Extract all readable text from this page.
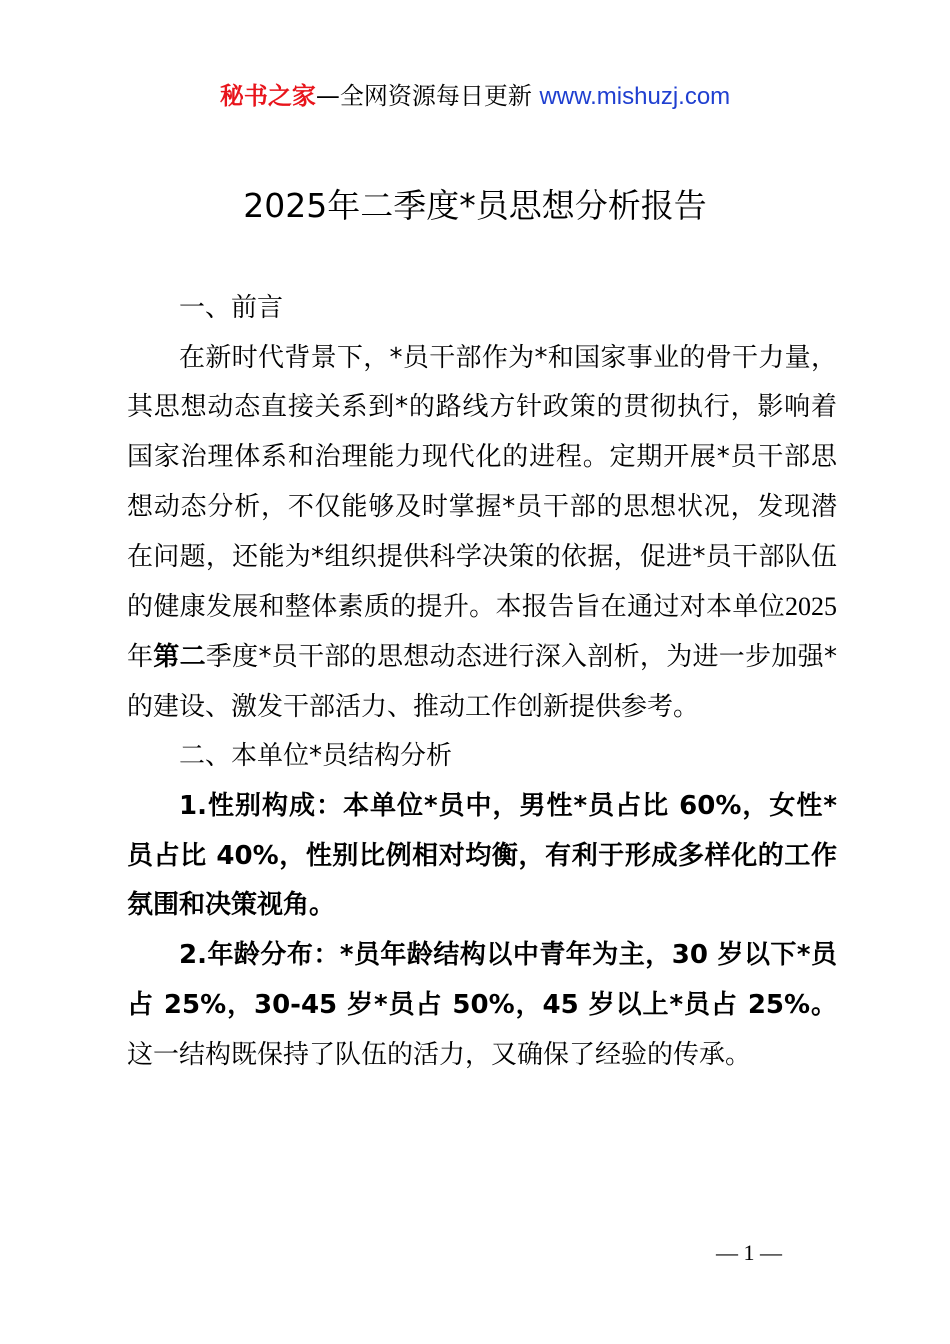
秘书之家—全网资源每日更新 www.mishuzj.com
2025年二季度*员思想分析报告

一、前言

在新时代背景下，*员干部作为*和国家事业的骨干力量，其思想动态直接关系到*的路线方针政策的贯彻执行，影响着国家治理体系和治理能力现代化的进程。定期开展*员干部思想动态分析，不仅能够及时掌握*员干部的思想状况，发现潜在问题，还能为*组织提供科学决策的依据，促进*员干部队伍的健康发展和整体素质的提升。本报告旨在通过对本单位2025年第二季度*员干部的思想动态进行深入剖析，为进一步加强*的建设、激发干部活力、推动工作创新提供参考。

二、本单位*员结构分析

1.性别构成：本单位*员中，男性*员占比 60%，女性*员占比 40%，性别比例相对均衡，有利于形成多样化的工作氛围和决策视角。

2.年龄分布：*员年龄结构以中青年为主，30 岁以下*员占 25%，30-45 岁*员占 50%，45 岁以上*员占 25%。这一结构既保持了队伍的活力，又确保了经验的传承。

— 1 —
